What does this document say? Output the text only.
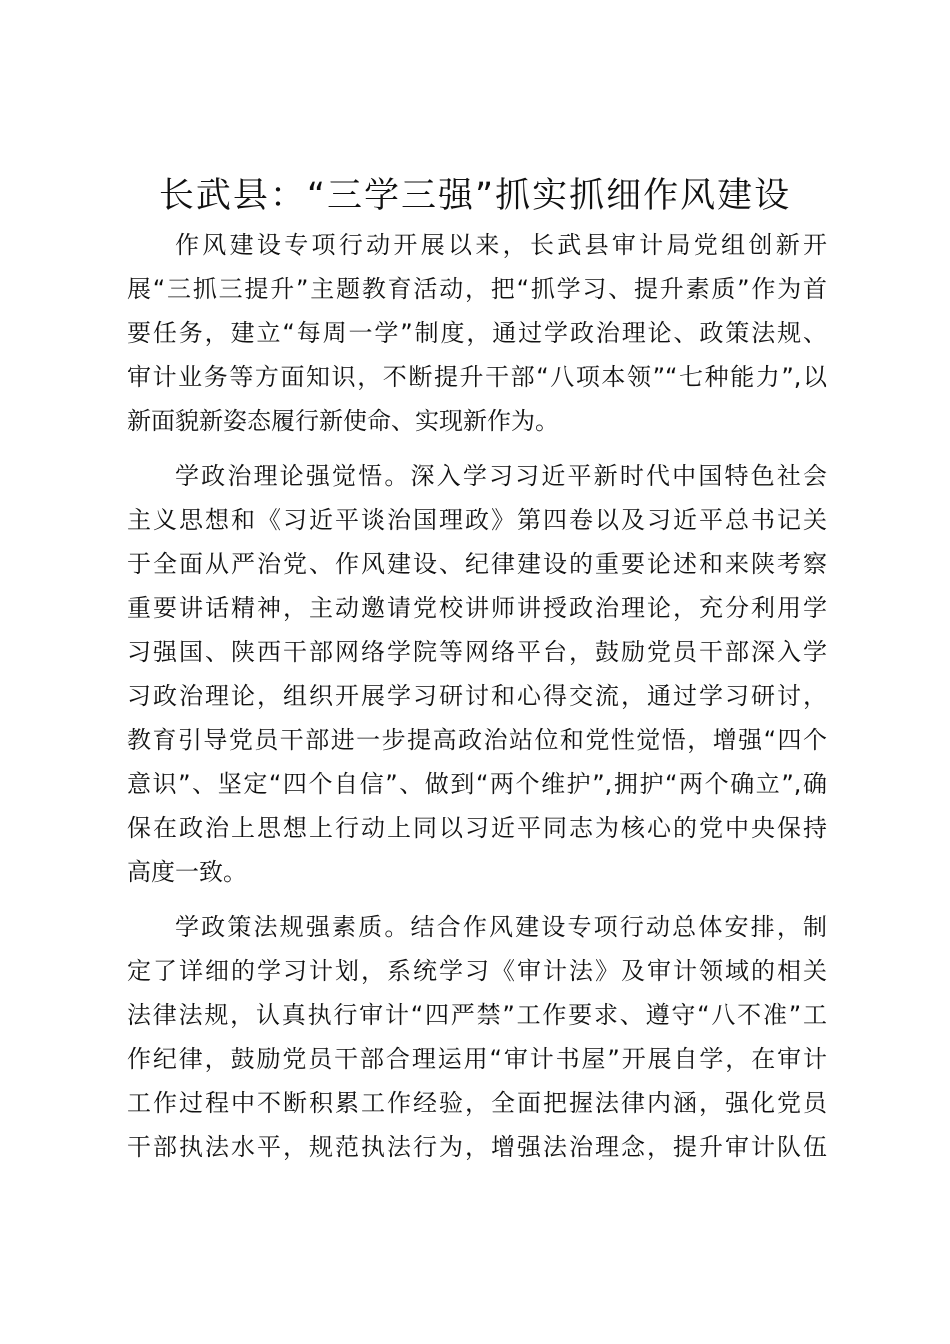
长武县：“三学三强”抓实抓细作风建设
作风建设专项行动开展以来，长武县审计局党组创新开
展“三抓三提升”主题教育活动，把“抓学习、提升素质”作为首
要任务，建立“每周一学”制度，通过学政治理论、政策法规、
审计业务等方面知识，不断提升干部“八项本领”“七种能力”,以
新面貌新姿态履行新使命、实现新作为。
学政治理论强觉悟。深入学习习近平新时代中国特色社会
主义思想和《习近平谈治国理政》第四卷以及习近平总书记关
于全面从严治党、作风建设、纪律建设的重要论述和来陕考察
重要讲话精神，主动邀请党校讲师讲授政治理论，充分利用学
习强国、陕西干部网络学院等网络平台，鼓励党员干部深入学
习政治理论，组织开展学习研讨和心得交流，通过学习研讨，
教育引导党员干部进一步提高政治站位和党性觉悟，增强“四个
意识”、坚定“四个自信”、做到“两个维护”,拥护“两个确立”,确
保在政治上思想上行动上同以习近平同志为核心的党中央保持
高度一致。
学政策法规强素质。结合作风建设专项行动总体安排，制
定了详细的学习计划，系统学习《审计法》及审计领域的相关
法律法规，认真执行审计“四严禁”工作要求、遵守“八不准”工
作纪律，鼓励党员干部合理运用“审计书屋”开展自学，在审计
工作过程中不断积累工作经验，全面把握法律内涵，强化党员
干部执法水平，规范执法行为，增强法治理念，提升审计队伍
